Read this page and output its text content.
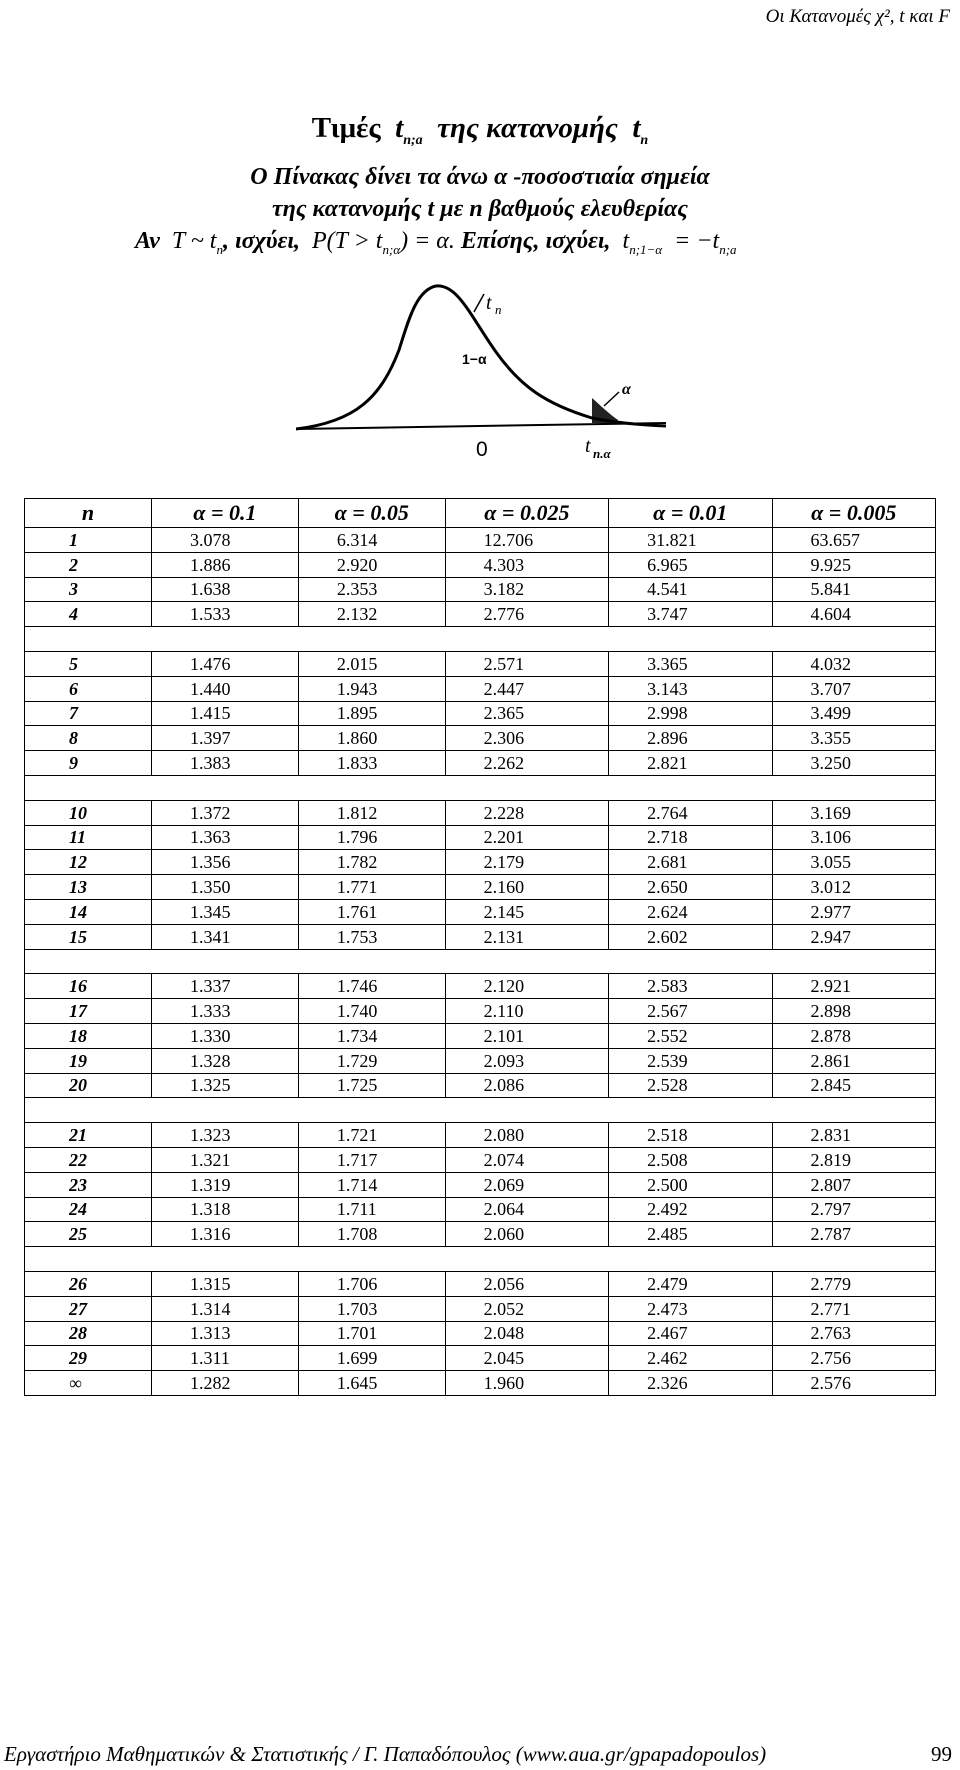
Οι Κατανομές χ², t και F
Τιμές $t_{n;a}$ της κατανομής $t_n$
Ο Πίνακας δίνει τα άνω α -ποσοστιαία σημεία
της κατανομής t με n βαθμούς ελευθερίας
Αν T ~ $t_n$, ισχύει, $P(T > t_{n;\alpha}) = \alpha$. Επίσης, ισχύει, $t_{n;1-\alpha} = -t_{n;a}$
t n
1−α
α
0	t n.α
n	α = 0.1	α = 0.05	α = 0.025	α = 0.01	α = 0.005
1	3.078	6.314	12.706	31.821	63.657
2	1.886	2.920	4.303	6.965	9.925
3	1.638	2.353	3.182	4.541	5.841
4	1.533	2.132	2.776	3.747	4.604

5	1.476	2.015	2.571	3.365	4.032
6	1.440	1.943	2.447	3.143	3.707
7	1.415	1.895	2.365	2.998	3.499
8	1.397	1.860	2.306	2.896	3.355
9	1.383	1.833	2.262	2.821	3.250

10	1.372	1.812	2.228	2.764	3.169
11	1.363	1.796	2.201	2.718	3.106
12	1.356	1.782	2.179	2.681	3.055
13	1.350	1.771	2.160	2.650	3.012
14	1.345	1.761	2.145	2.624	2.977
15	1.341	1.753	2.131	2.602	2.947

16	1.337	1.746	2.120	2.583	2.921
17	1.333	1.740	2.110	2.567	2.898
18	1.330	1.734	2.101	2.552	2.878
19	1.328	1.729	2.093	2.539	2.861
20	1.325	1.725	2.086	2.528	2.845

21	1.323	1.721	2.080	2.518	2.831
22	1.321	1.717	2.074	2.508	2.819
23	1.319	1.714	2.069	2.500	2.807
24	1.318	1.711	2.064	2.492	2.797
25	1.316	1.708	2.060	2.485	2.787

26	1.315	1.706	2.056	2.479	2.779
27	1.314	1.703	2.052	2.473	2.771
28	1.313	1.701	2.048	2.467	2.763
29	1.311	1.699	2.045	2.462	2.756
∞	1.282	1.645	1.960	2.326	2.576
Εργαστήριο Μαθηματικών & Στατιστικής / Γ. Παπαδόπουλος (www.aua.gr/gpapadopoulos)	99
